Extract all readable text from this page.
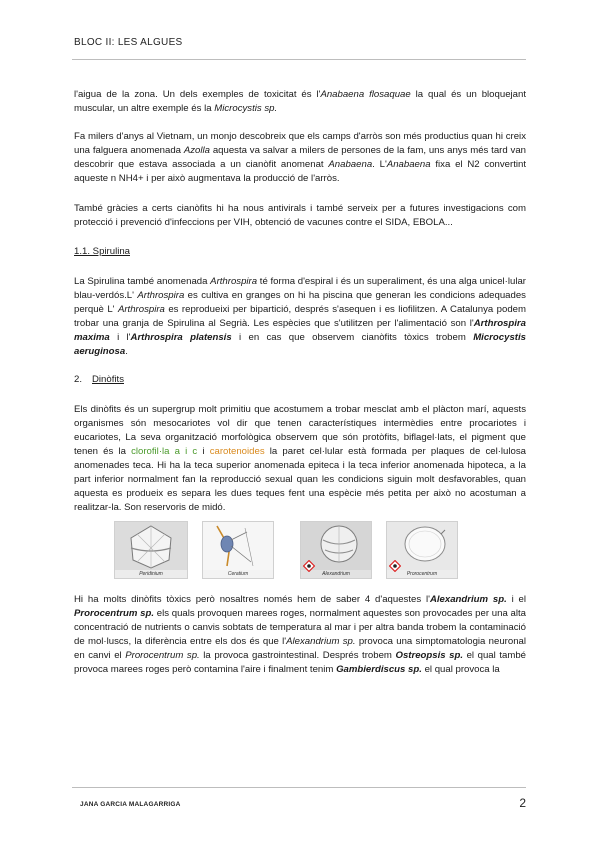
BLOC II: LES ALGUES

l'aigua de la zona. Un dels exemples de toxicitat és l'Anabaena flosaquae la qual és un bloquejant muscular, un altre exemple és la Microcystis sp.

Fa milers d'anys al Vietnam, un monjo descobreix que els camps d'arròs son més productius quan hi creix una falguera anomenada Azolla aquesta va salvar a milers de persones de la fam, uns anys més tard van descobrir que estava associada a un cianòfit anomenat Anabaena. L'Anabaena fixa el N2 convertint aqueste n NH4+ i per això augmentava la producció de l'arròs.

També gràcies a certs cianòfits hi ha nous antivirals i també serveix per a futures investigacions com protecció i prevenció d'infeccions per VIH, obtenció de vacunes contre el SIDA, EBOLA...

1.1. Spirulina

La Spirulina també anomenada Arthrospira té forma d'espiral i és un superaliment, és una alga unicel·lular blau-verdós.L' Arthrospira es cultiva en granges on hi ha piscina que generan les condicions adequades perquè L' Arthrospira es reprodueixi per bipartició, després s'asequen i es liofilitzen. A Catalunya podem trobar una granja de Spirulina al Segrià. Les espècies que s'utilitzen per l'alimentació son l'Arthrospira maxima i l'Arthrospira platensis i en cas que observem cianòfits tòxics trobem Microcystis aeruginosa.

2. Dinòfits

Els dinòfits és un supergrup molt primitiu que acostumem a trobar mesclat amb el plàcton marí, aquests organismes són mesocariotes vol dir que tenen característiques intermèdies entre procariotes i eucariotes, La seva organització morfològica observem que són protòfits, biflagel·lats, el pigment que tenen és la clorofil·la a i c i carotenoides la paret cel·lular està formada per plaques de cel·lulosa anomenades teca. Hi ha la teca superior anomenada epiteca i la teca inferior anomenada hipoteca, a la part inferior normalment fan la reproducció sexual quan les condicions siguin molt desfavorables, quan aquesta es produeix es separa les dues teques fent una espècie més petita per això no acostuman a realitzar-la. Son reservoris de midó.

Peridinium	Ceratium	Alexandrium	Prorocentrum

Hi ha molts dinòfits tòxics però nosaltres només hem de saber 4 d'aquestes l'Alexandrium sp. i el Prorocentrum sp. els quals provoquen marees roges, normalment aquestes son provocades per una alta concentració de nutrients o canvis sobtats de temperatura al mar i per altra banda trobem la contaminació de mol·luscs, la diferència entre els dos és que l'Alexandrium sp. provoca una simptomatologia neuronal en canvi el Prorocentrum sp. la provoca gastrointestinal. Després trobem Ostreopsis sp. el qual també provoca marees roges però contamina l'aire i finalment tenim Gambierdiscus sp. el qual provoca la

JANA GARCIA MALAGARRIGA	2
